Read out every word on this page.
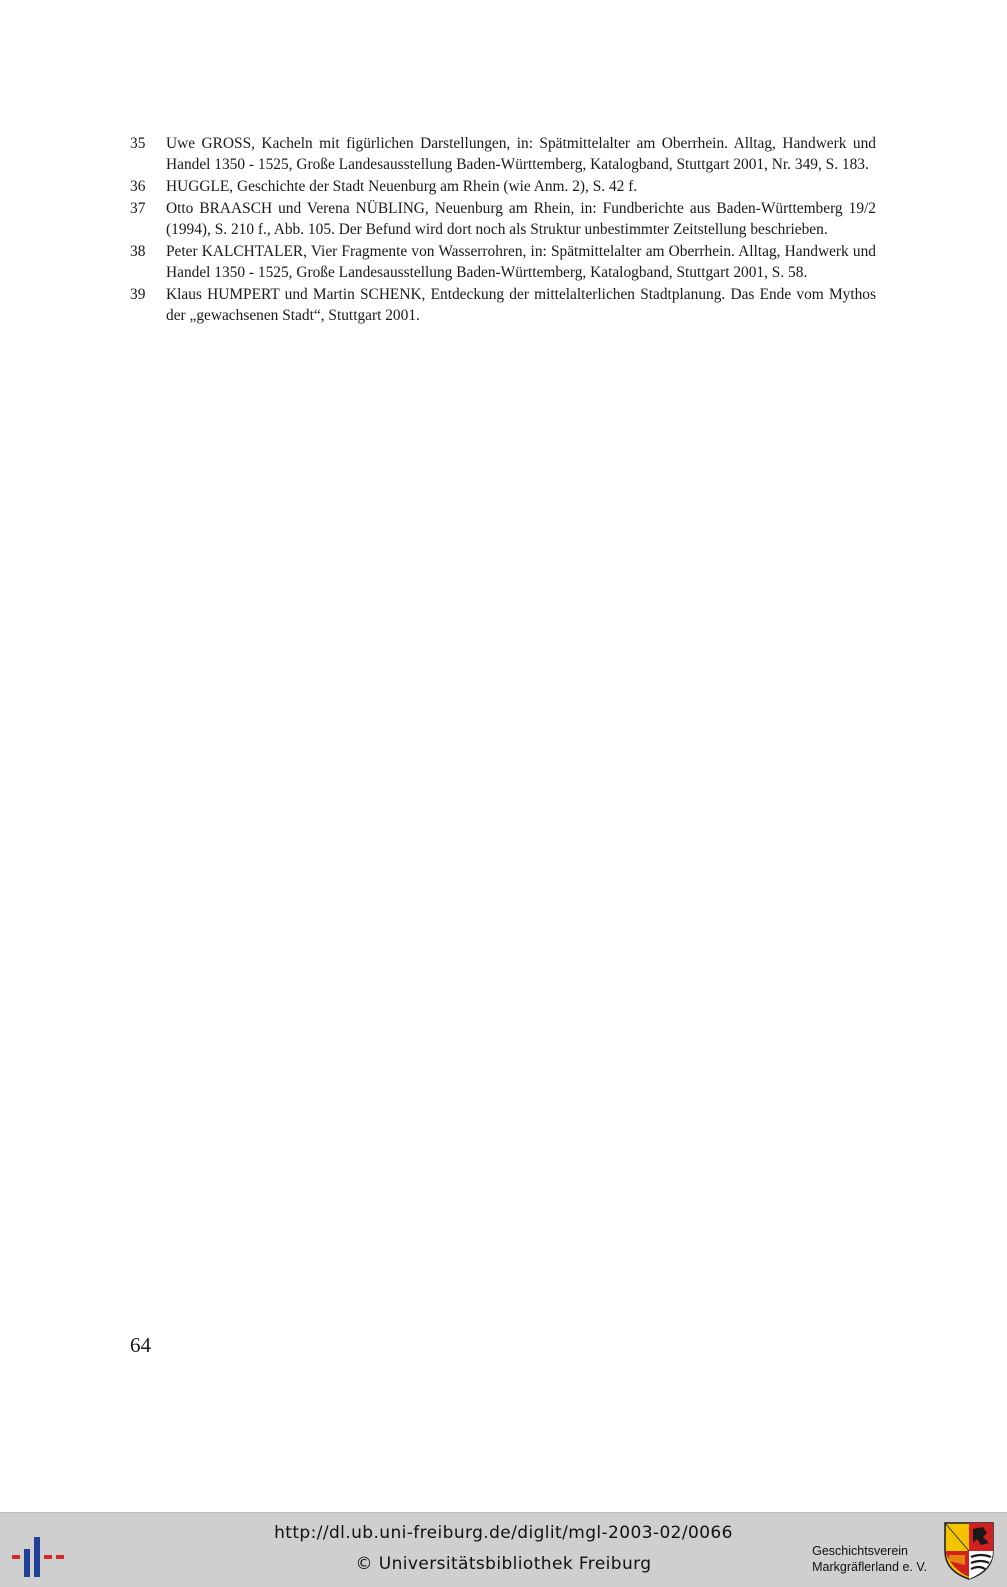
35	Uwe GROSS, Kacheln mit figürlichen Darstellungen, in: Spätmittelalter am Oberrhein. Alltag, Handwerk und Handel 1350 - 1525, Große Landesausstellung Baden-Württemberg, Katalogband, Stuttgart 2001, Nr. 349, S. 183.
36	HUGGLE, Geschichte der Stadt Neuenburg am Rhein (wie Anm. 2), S. 42 f.
37	Otto BRAASCH und Verena NÜBLING, Neuenburg am Rhein, in: Fundberichte aus Baden-Württemberg 19/2 (1994), S. 210 f., Abb. 105. Der Befund wird dort noch als Struktur unbestimmter Zeitstellung beschrieben.
38	Peter KALCHTALER, Vier Fragmente von Wasserrohren, in: Spätmittelalter am Oberrhein. Alltag, Handwerk und Handel 1350 - 1525, Große Landesausstellung Baden-Württemberg, Katalogband, Stuttgart 2001, S. 58.
39	Klaus HUMPERT und Martin SCHENK, Entdeckung der mittelalterlichen Stadtplanung. Das Ende vom Mythos der „gewachsenen Stadt“, Stuttgart 2001.
64
http://dl.ub.uni-freiburg.de/diglit/mgl-2003-02/0066
© Universitätsbibliothek Freiburg
Geschichtsverein
Markgräflerland e. V.
